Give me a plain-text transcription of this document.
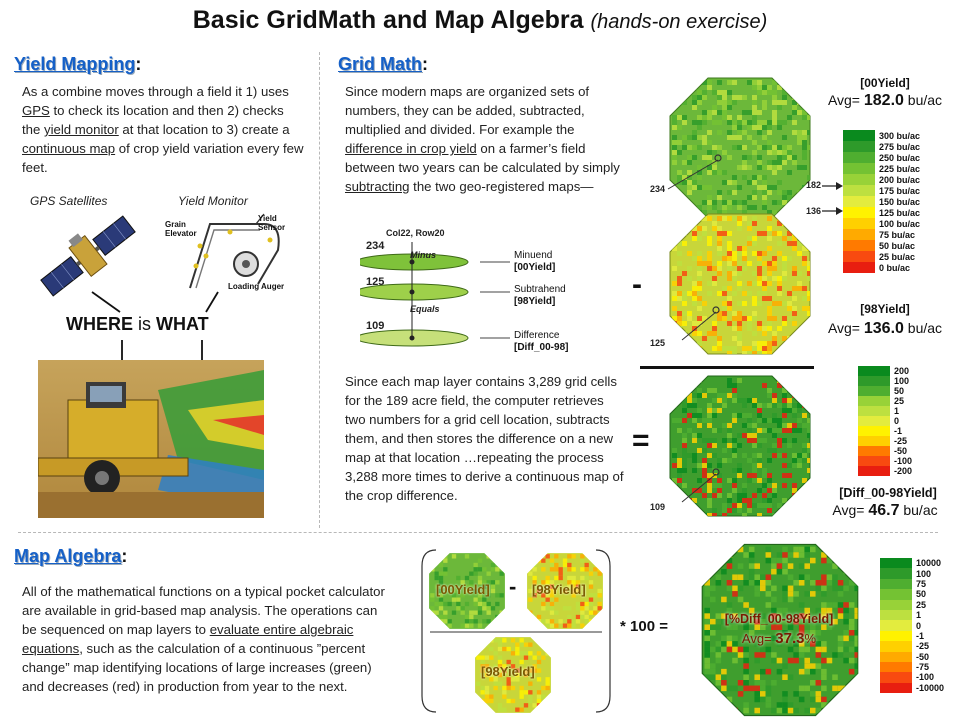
Basic GridMath and Map Algebra (hands-on exercise)
Yield Mapping:
As a combine moves through a field it 1) uses GPS to check its location and then 2) checks the yield monitor at that location to 3) create a continuous map of crop yield variation every few feet.
GPS Satellites	Yield Monitor
Grain
Elevator
Yield
Sensor
Loading Auger
WHERE is WHAT
Grid Math:
Since modern maps are organized sets of numbers, they can be added, subtracted, multiplied and divided. For example the difference in crop yield on a farmer’s field between two years can be calculated by simply subtracting the two geo-registered maps—
Col22, Row20
234
Minus
125
Equals
109
Minuend
[00Yield]
Subtrahend
[98Yield]
Difference
[Diff_00-98]
Since each map layer contains 3,289 grid cells for the 189 acre field, the computer retrieves two numbers for a grid cell location, subtracts them, and then stores the difference on a new map at that location …repeating the process 3,288 more times to derive a continuous map of the crop difference.
234
[00Yield]
Avg= 182.0 bu/ac
300 bu/ac
275 bu/ac
250 bu/ac
225 bu/ac
200 bu/ac
175 bu/ac
150 bu/ac
125 bu/ac
100 bu/ac
75 bu/ac
50 bu/ac
25 bu/ac
0 bu/ac
182
136
-
125
[98Yield]
Avg= 136.0 bu/ac
=
109
200
100
50
25
1
0
-1
-25
-50
-100
-200
[Diff_00-98Yield]
Avg= 46.7 bu/ac
Map Algebra:
All of the mathematical functions on a typical pocket calculator are available in grid-based map analysis. The operations can be sequenced on map layers to evaluate entire algebraic equations, such as the calculation of a continuous ”percent change” map identifying locations of large increases (green) and decreases (red) in production from year to the next.
[00Yield] - [98Yield]
[98Yield]
* 100 =	[%Diff_00-98Yield]
Avg= 37.3%
10000
100
75
50
25
1
0
-1
-25
-50
-75
-100
-10000
